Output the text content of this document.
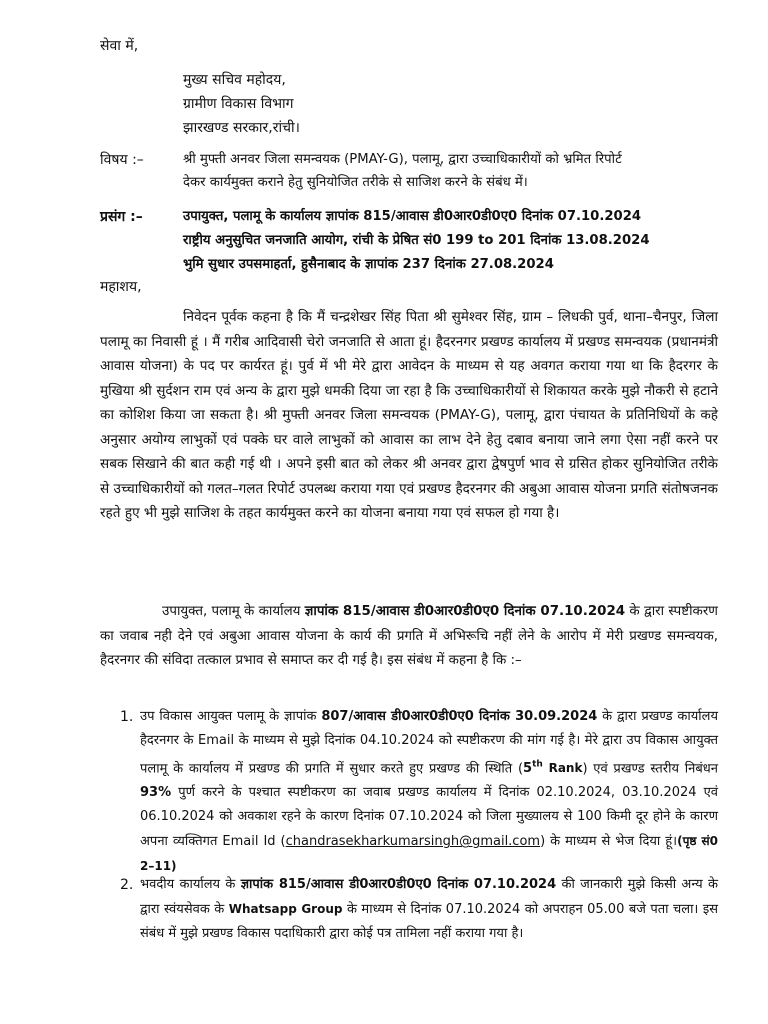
सेवा में,
मुख्य सचिव महोदय,
ग्रामीण विकास विभाग
झारखण्ड सरकार,रांची।
विषय :–	श्री मुफ्ती अनवर जिला समन्वयक (PMAY-G), पलामू, द्वारा उच्चाधिकारीयों को भ्रमित रिपोर्ट
देकर कार्यमुक्त कराने हेतु सुनियोजित तरीके से साजिश करने के संबंध में।
प्रसंग :–	उपायुक्त, पलामू के कार्यालय ज्ञापांक 815/आवास डी0आर0डी0ए0 दिनांक 07.10.2024
राष्ट्रीय अनुसुचित जनजाति आयोग, रांची के प्रेषित सं0 199 to 201 दिनांक 13.08.2024
भुमि सुधार उपसमाहर्ता, हुसैनाबाद के ज्ञापांक 237 दिनांक 27.08.2024
महाशय,
निवेदन पूर्वक कहना है कि मैं चन्द्रशेखर सिंह पिता श्री सुमेश्वर सिंह, ग्राम – लिधकी पुर्व, थाना–चैनपुर, जिला पलामू का निवासी हूं । मैं गरीब आदिवासी चेरो जनजाति से आता हूं। हैदरनगर प्रखण्ड कार्यालय में प्रखण्ड समन्वयक (प्रधानमंत्री आवास योजना) के पद पर कार्यरत हूं। पुर्व में भी मेरे द्वारा आवेदन के माध्यम से यह अवगत कराया गया था कि हैदरगर के मुखिया श्री सुर्दशन राम एवं अन्य के द्वारा मुझे धमकी दिया जा रहा है कि उच्चाधिकारीयों से शिकायत करके मुझे नौकरी से हटाने का कोशिश किया जा सकता है। श्री मुफ्ती अनवर जिला समन्वयक (PMAY-G), पलामू, द्वारा पंचायत के प्रतिनिधियों के कहे अनुसार अयोग्य लाभुकों एवं पक्के घर वाले लाभुकों को आवास का लाभ देने हेतु दबाव बनाया जाने लगा ऐसा नहीं करने पर सबक सिखाने की बात कही गई थी । अपने इसी बात को लेकर श्री अनवर द्वारा द्वेषपुर्ण भाव से ग्रसित होकर सुनियोजित तरीके से उच्चाधिकारीयों को गलत–गलत रिपोर्ट उपलब्ध कराया गया एवं प्रखण्ड हैदरनगर की अबुआ आवास योजना प्रगति संतोषजनक रहते हुए भी मुझे साजिश के तहत कार्यमुक्त करने का योजना बनाया गया एवं सफल हो गया है।
उपायुक्त, पलामू के कार्यालय ज्ञापांक 815/आवास डी0आर0डी0ए0 दिनांक 07.10.2024 के द्वारा स्पष्टीकरण का जवाब नही देने एवं अबुआ आवास योजना के कार्य की प्रगति में अभिरूचि नहीं लेने के आरोप में मेरी प्रखण्ड समन्वयक, हैदरनगर की संविदा तत्काल प्रभाव से समाप्त कर दी गई है। इस संबंध में कहना है कि :–
1. उप विकास आयुक्त पलामू के ज्ञापांक 807/आवास डी0आर0डी0ए0 दिनांक 30.09.2024 के द्वारा प्रखण्ड कार्यालय हैदरनगर के Email के माध्यम से मुझे दिनांक 04.10.2024 को स्पष्टीकरण की मांग गई है। मेरे द्वारा उप विकास आयुक्त पलामू के कार्यालय में प्रखण्ड की प्रगति में सुधार करते हुए प्रखण्ड की स्थिति (5th Rank) एवं प्रखण्ड स्तरीय निबंधन 93% पुर्ण करने के पश्चात स्पष्टीकरण का जवाब प्रखण्ड कार्यालय में दिनांक 02.10.2024, 03.10.2024 एवं 06.10.2024 को अवकाश रहने के कारण दिनांक 07.10.2024 को जिला मुख्यालय से 100 किमी दूर होने के कारण अपना व्यक्तिगत Email Id (chandrasekharkumarsingh@gmail.com) के माध्यम से भेज दिया हूं।(पृष्ठ सं0 2–11)
2. भवदीय कार्यालय के ज्ञापांक 815/आवास डी0आर0डी0ए0 दिनांक 07.10.2024 की जानकारी मुझे किसी अन्य के द्वारा स्वंयसेवक के Whatsapp Group के माध्यम से दिनांक 07.10.2024 को अपराहन 05.00 बजे पता चला। इस संबंध में मुझे प्रखण्ड विकास पदाधिकारी द्वारा कोई पत्र तामिला नहीं कराया गया है।
